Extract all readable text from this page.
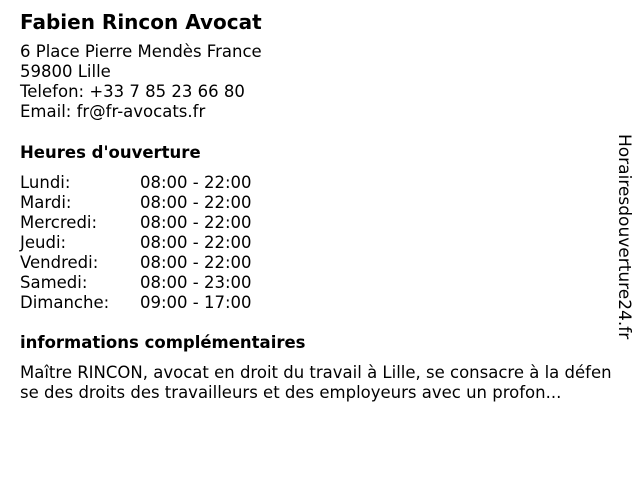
Fabien Rincon Avocat
6 Place Pierre Mendès France
59800 Lille
Telefon: +33 7 85 23 66 80
Email: fr@fr-avocats.fr
Heures d'ouverture
Lundi:	08:00 - 22:00
Mardi:	08:00 - 22:00
Mercredi:	08:00 - 22:00
Jeudi:	08:00 - 22:00
Vendredi:	08:00 - 22:00
Samedi:	08:00 - 23:00
Dimanche:	09:00 - 17:00
informations complémentaires
Maître RINCON, avocat en droit du travail à Lille, se consacre à la défense des droits des travailleurs et des employeurs avec un profon...
Horairesdouverture24.fr
